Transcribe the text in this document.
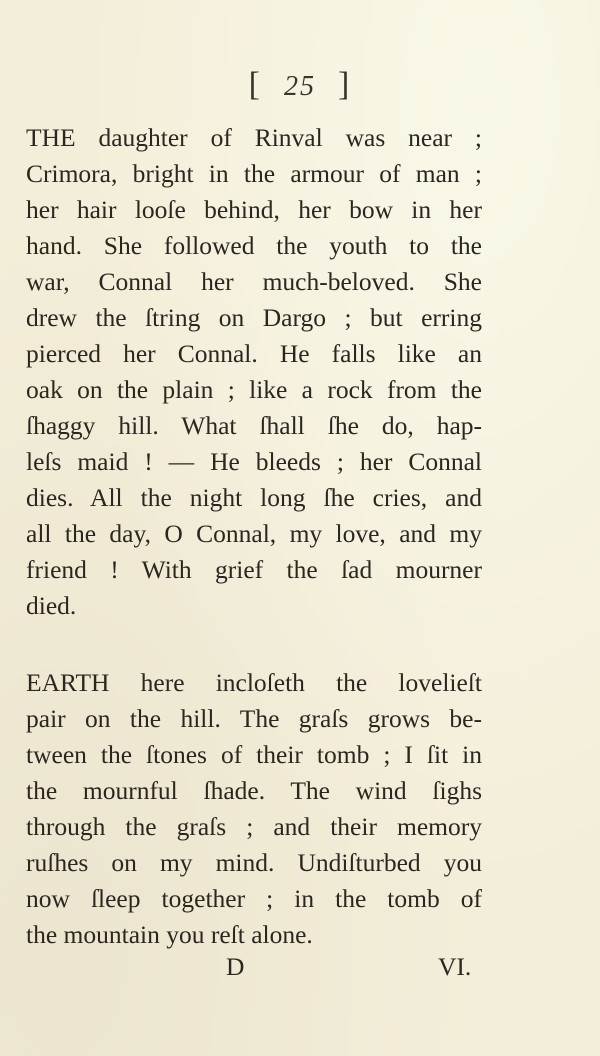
[ 25 ]
THE daughter of Rinval was near ;
Crimora, bright in the armour of man ;
her hair looſe behind, her bow in her
hand. She followed the youth to the
war, Connal her much-beloved. She
drew the ſtring on Dargo ; but erring
pierced her Connal. He falls like an
oak on the plain ; like a rock from the
ſhaggy hill. What ſhall ſhe do, hap-
leſs maid ! — He bleeds ; her Connal
dies. All the night long ſhe cries, and
all the day, O Connal, my love, and my
friend ! With grief the ſad mourner
died.
EARTH here incloſeth the lovelieſt
pair on the hill. The graſs grows be-
tween the ſtones of their tomb ; I ſit in
the mournful ſhade. The wind ſighs
through the graſs ; and their memory
ruſhes on my mind. Undiſturbed you
now ſleep together ; in the tomb of
the mountain you reſt alone.
D	VI.
